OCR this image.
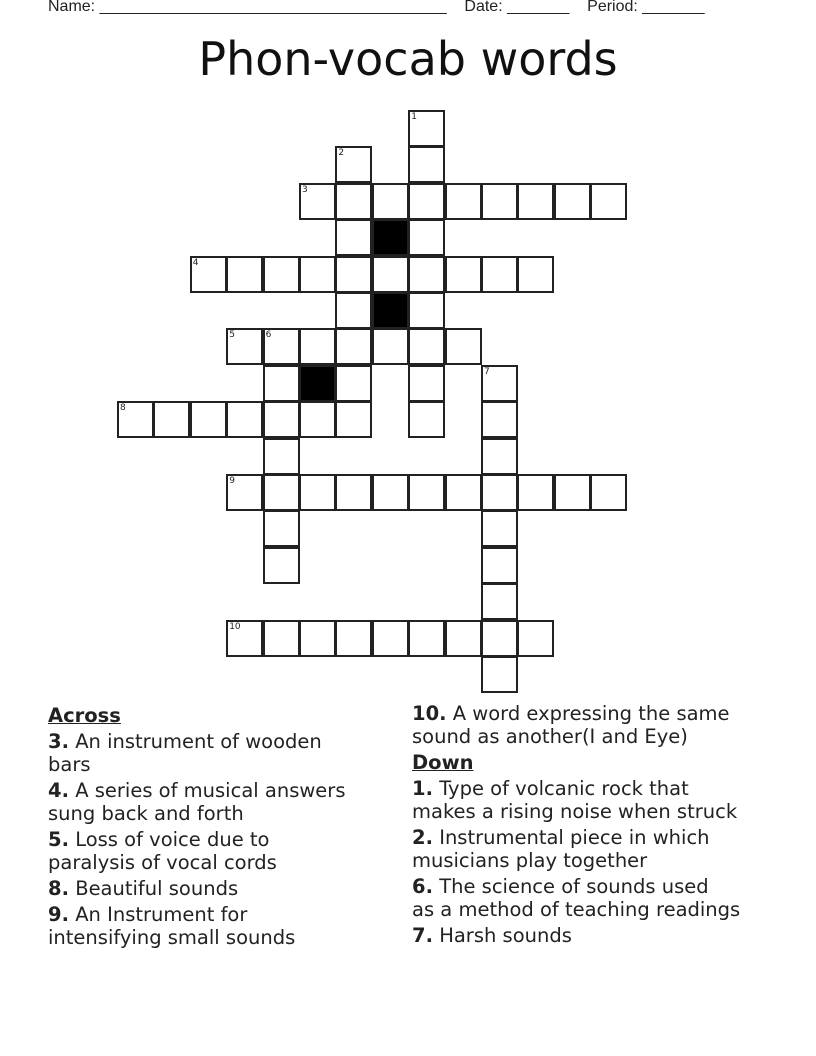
Name: _______________________________________    Date: _______    Period: _______
Phon-vocab words
1
2
3
4
5	6
7
8
9
10
Across
3. An instrument of wooden
bars
4. A series of musical answers
sung back and forth
5. Loss of voice due to
paralysis of vocal cords
8. Beautiful sounds
9. An Instrument for
intensifying small sounds
10. A word expressing the same
sound as another(I and Eye)
Down
1. Type of volcanic rock that
makes a rising noise when struck
2. Instrumental piece in which
musicians play together
6. The science of sounds used
as a method of teaching readings
7. Harsh sounds
